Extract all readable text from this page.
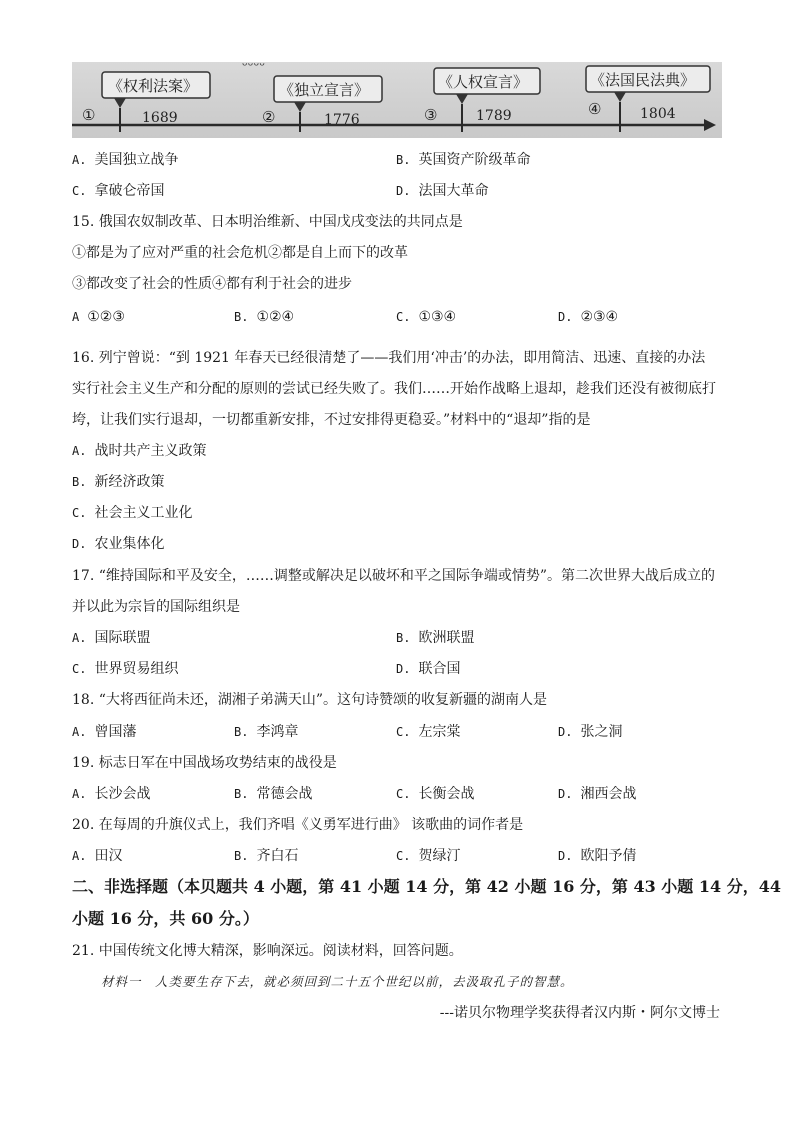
ᵕᵕᵕᵕ
①
《权利法案》
1689	②
《独立宣言》
1776	③
《人权宣言》
1789	④
《法国民法典》
1804
A. 美国独立战争	B. 英国资产阶级革命
C. 拿破仑帝国	D. 法国大革命
15. 俄国农奴制改革、日本明治维新、中国戊戌变法的共同点是
①都是为了应对严重的社会危机②都是自上而下的改革
③都改变了社会的性质④都有利于社会的进步
A ①②③	B. ①②④	C. ①③④	D. ②③④
16. 列宁曾说：“到 1921 年春天已经很清楚了——我们用‘冲击’的办法，即用简洁、迅速、直接的办法
实行社会主义生产和分配的原则的尝试已经失败了。我们……开始作战略上退却，趁我们还没有被彻底打
垮，让我们实行退却，一切都重新安排，不过安排得更稳妥。”材料中的“退却”指的是
A. 战时共产主义政策
B. 新经济政策
C. 社会主义工业化
D. 农业集体化
17. “维持国际和平及安全，……调整或解决足以破坏和平之国际争端或情势”。第二次世界大战后成立的
并以此为宗旨的国际组织是
A. 国际联盟	B. 欧洲联盟
C. 世界贸易组织	D. 联合国
18. “大将西征尚未还，湖湘子弟满天山”。这句诗赞颂的收复新疆的湖南人是
A. 曾国藩	B. 李鸿章	C. 左宗棠	D. 张之洞
19. 标志日军在中国战场攻势结束的战役是
A. 长沙会战	B. 常德会战	C. 长衡会战	D. 湘西会战
20. 在每周的升旗仪式上，我们齐唱《义勇军进行曲》 该歌曲的词作者是
A. 田汉	B. 齐白石	C. 贺绿汀	D. 欧阳予倩
二、非选择题（本贝题共 4 小题，第 41 小题 14 分，第 42 小题 16 分，第 43 小题 14 分，44
小题 16 分，共 60 分。）
21. 中国传统文化博大精深，影响深远。阅读材料，回答问题。
材料一　人类要生存下去，就必须回到二十五个世纪以前，去汲取孔子的智慧。
---诺贝尔物理学奖获得者汉内斯・阿尔文博士
